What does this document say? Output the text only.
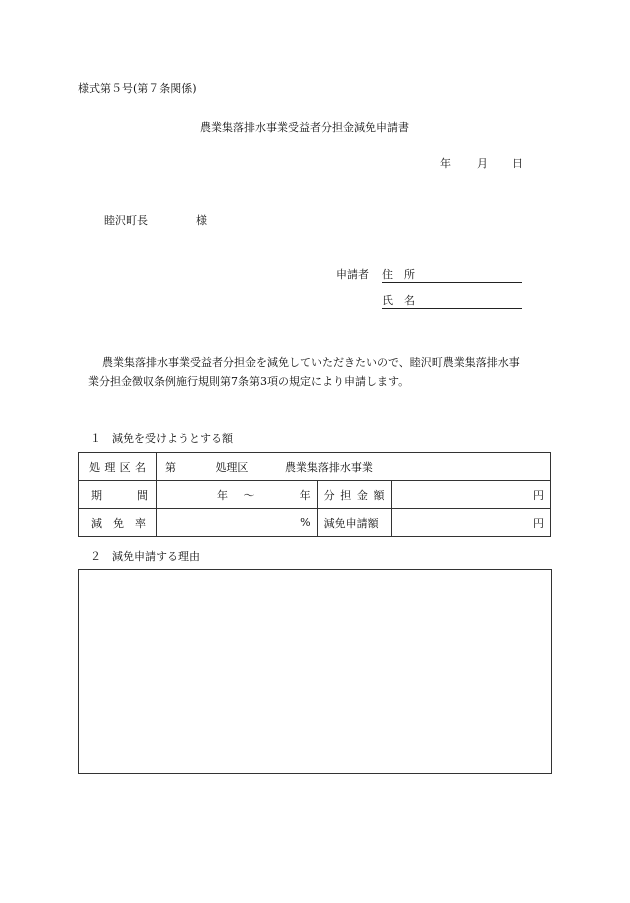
様式第５号(第７条関係)
農業集落排水事業受益者分担金減免申請書
年 月 日
睦沢町長	様
申請者 住　所
氏　名
農業集落排水事業受益者分担金を減免していただきたいので、睦沢町農業集落排水事
業分担金徴収条例施行規則第7条第3項の規定により申請します。
１　減免を受けようとする額
処 理 区 名	第 処理区 農業集落排水事業		

期 間	年 ～ 年	分 担 金 額	円

減 免 率	%	減免申請額	円
２　減免申請する理由
